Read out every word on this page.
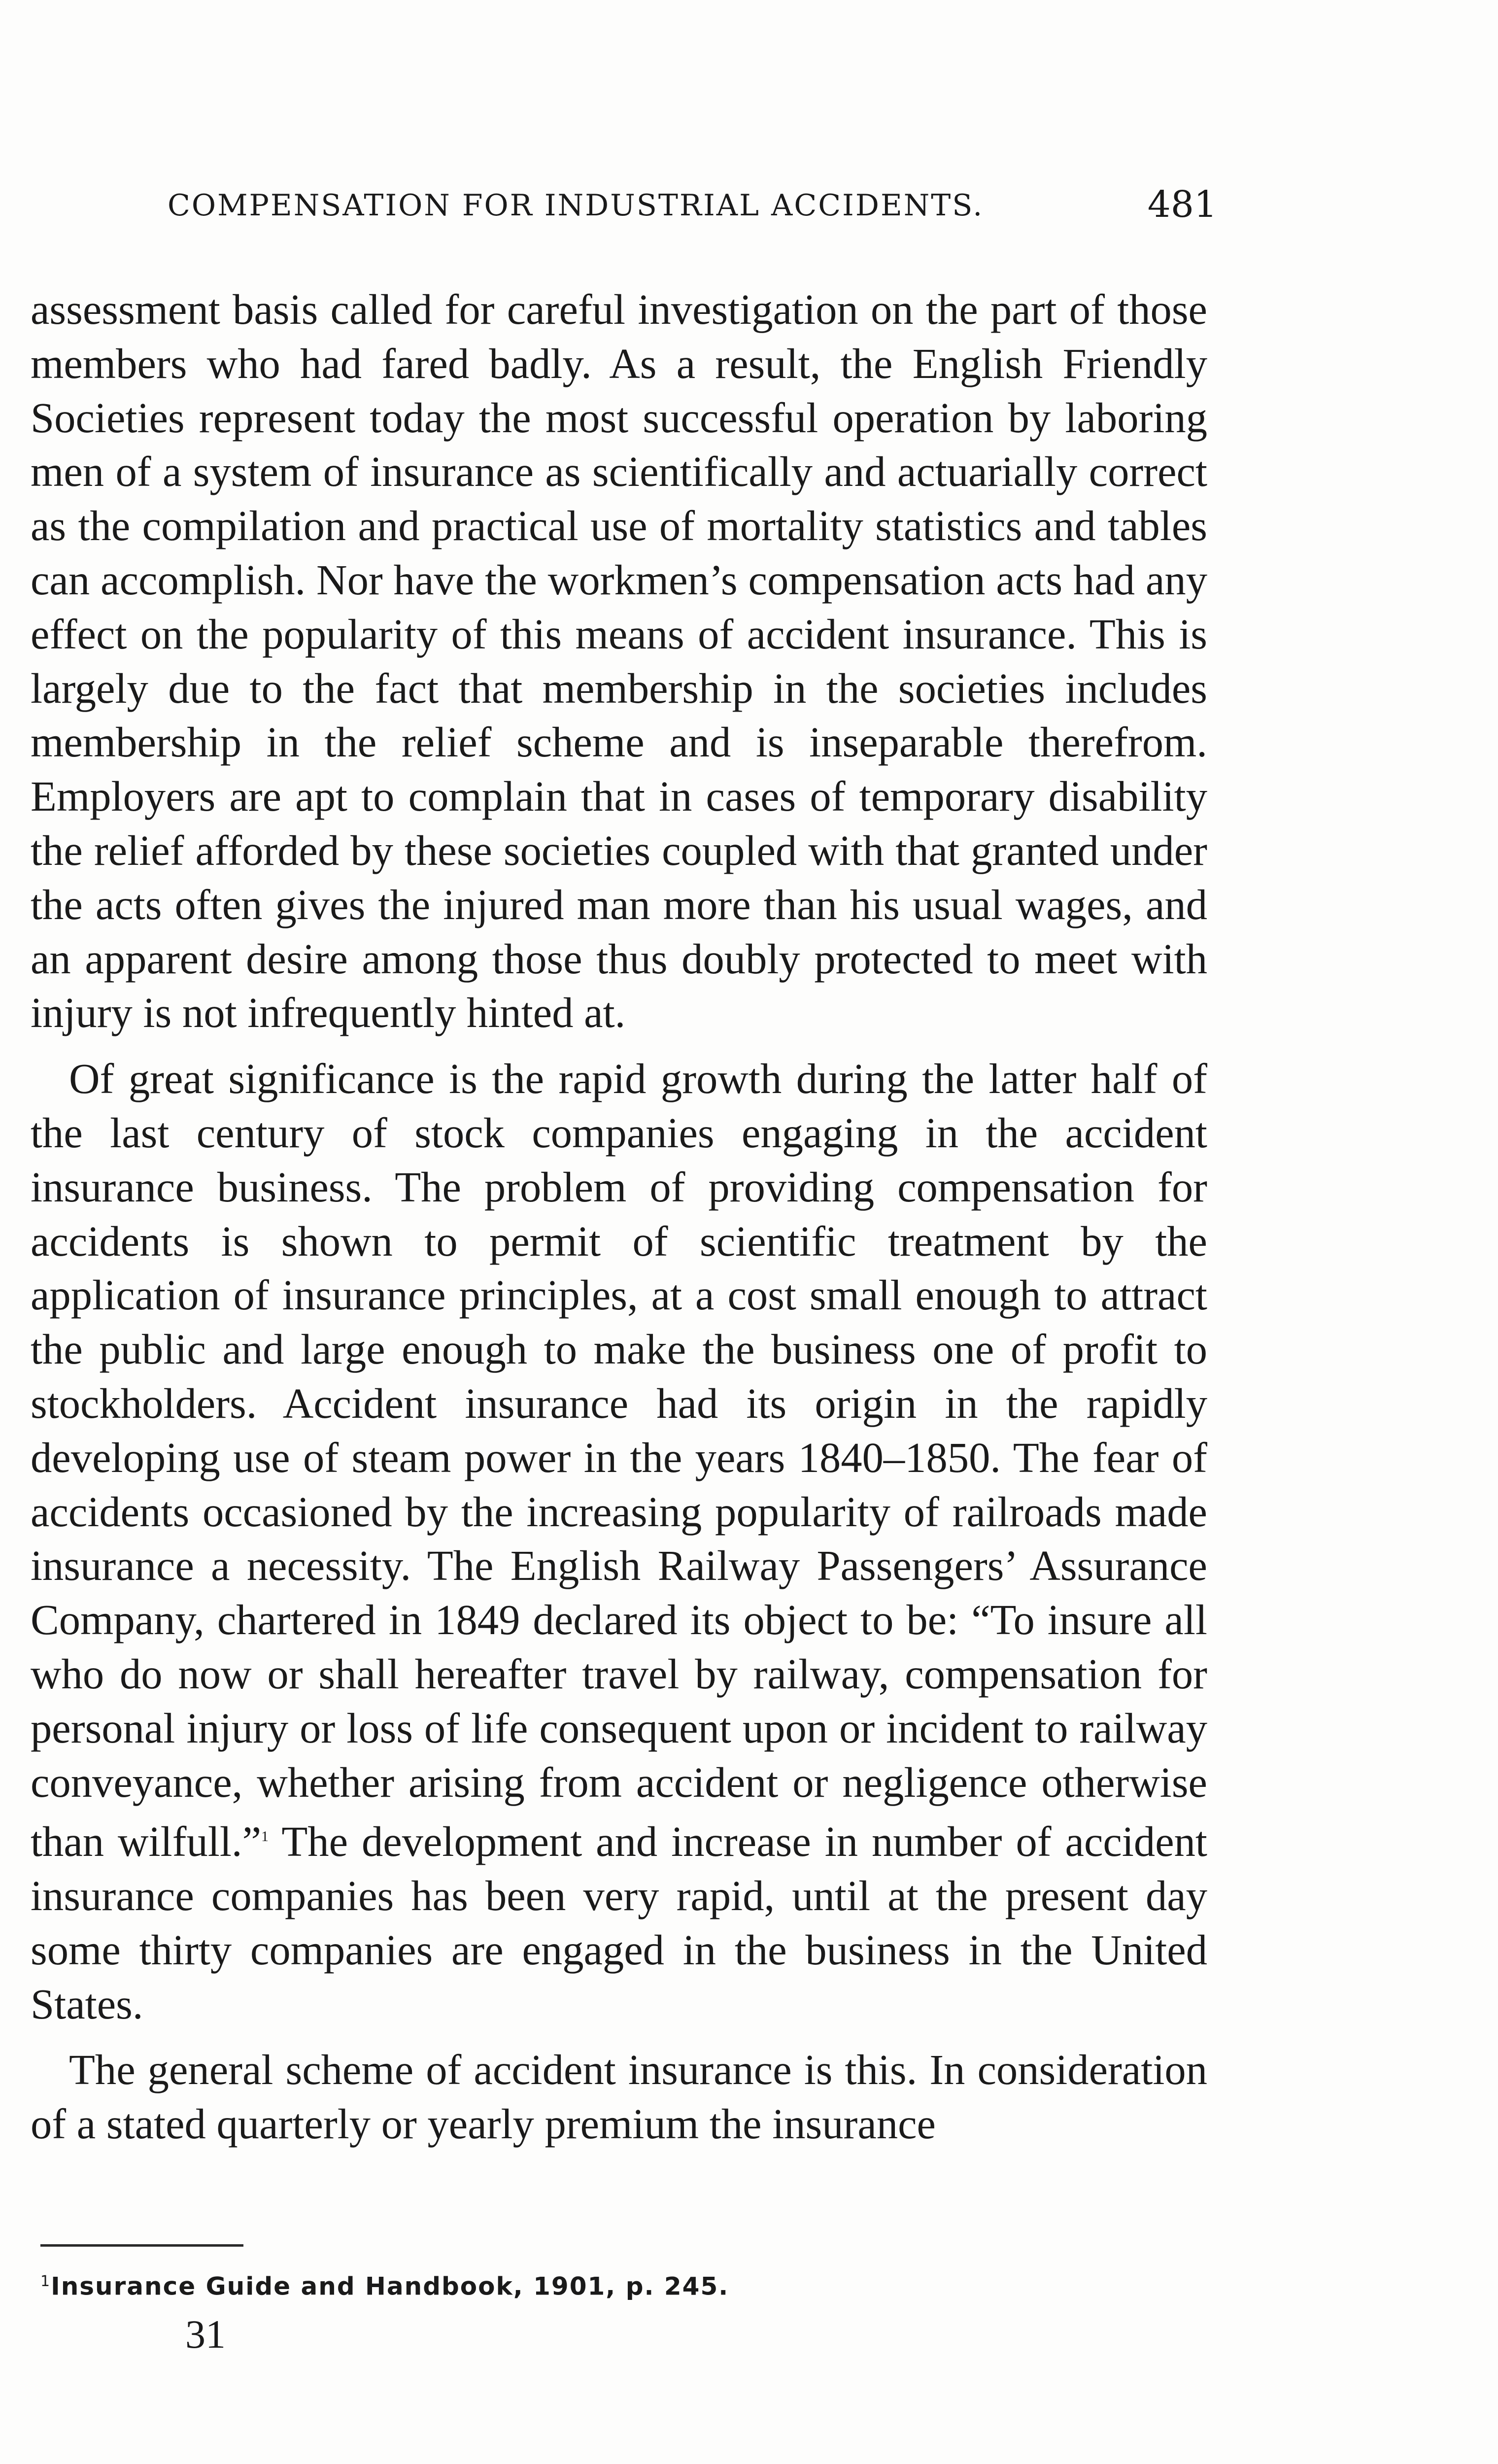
COMPENSATION FOR INDUSTRIAL ACCIDENTS.	481

assessment basis called for careful investigation on the part of those members who had fared badly. As a result, the English Friendly Societies represent today the most successful operation by laboring men of a system of insurance as scientifically and actuarially correct as the compilation and practical use of mortality statistics and tables can accomplish. Nor have the workmen’s compensation acts had any effect on the popularity of this means of accident insurance. This is largely due to the fact that membership in the societies includes membership in the relief scheme and is inseparable therefrom. Employers are apt to complain that in cases of temporary disability the relief afforded by these societies coupled with that granted under the acts often gives the injured man more than his usual wages, and an apparent desire among those thus doubly protected to meet with injury is not infrequently hinted at.

Of great significance is the rapid growth during the latter half of the last century of stock companies engaging in the accident insurance business. The problem of providing compensation for accidents is shown to permit of scientific treatment by the application of insurance principles, at a cost small enough to attract the public and large enough to make the business one of profit to stockholders. Accident insurance had its origin in the rapidly developing use of steam power in the years 1840–1850. The fear of accidents occasioned by the increasing popularity of railroads made insurance a necessity. The English Railway Passengers’ Assurance Company, chartered in 1849 declared its object to be: “To insure all who do now or shall hereafter travel by railway, compensation for personal injury or loss of life consequent upon or incident to railway conveyance, whether arising from accident or negligence otherwise than wilfull.”$^1$ The development and increase in number of accident insurance companies has been very rapid, until at the present day some thirty companies are engaged in the business in the United States.

The general scheme of accident insurance is this. In consideration of a stated quarterly or yearly premium the insurance

$^1$Insurance Guide and Handbook, 1901, p. 245.
31
